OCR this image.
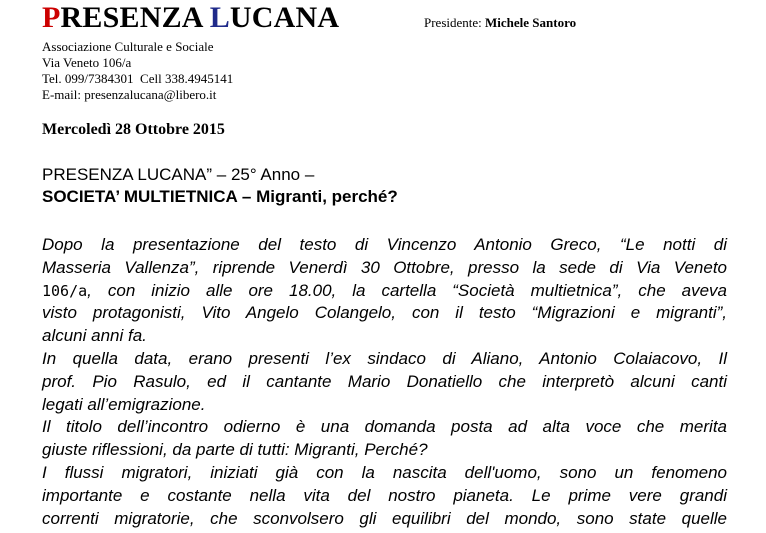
PRESENZA LUCANA	Presidente: Michele Santoro
Associazione Culturale e Sociale
Via Veneto 106/a
Tel. 099/7384301  Cell 338.4945141
E-mail: presenzalucana@libero.it
Mercoledì 28 Ottobre 2015
PRESENZA LUCANA” – 25° Anno –
SOCIETA’ MULTIETNICA – Migranti, perché?
Dopo la presentazione del testo di Vincenzo Antonio Greco, “Le notti di
Masseria Vallenza”, riprende Venerdì 30 Ottobre, presso la sede di Via Veneto
106/a, con inizio alle ore 18.00, la cartella “Società multietnica”, che aveva
visto protagonisti, Vito Angelo Colangelo, con il testo “Migrazioni e migranti”,
alcuni anni fa.
In quella data, erano presenti l’ex sindaco di Aliano, Antonio Colaiacovo, Il
prof. Pio Rasulo, ed il cantante Mario Donatiello che interpretò alcuni canti
legati all’emigrazione.
Il titolo dell’incontro odierno è una domanda posta ad alta voce che merita
giuste riflessioni, da parte di tutti: Migranti, Perché?
I flussi migratori, iniziati già con la nascita dell'uomo, sono un fenomeno
importante e costante nella vita del nostro pianeta. Le prime vere grandi
correnti migratorie, che sconvolsero gli equilibri del mondo, sono state quelle
